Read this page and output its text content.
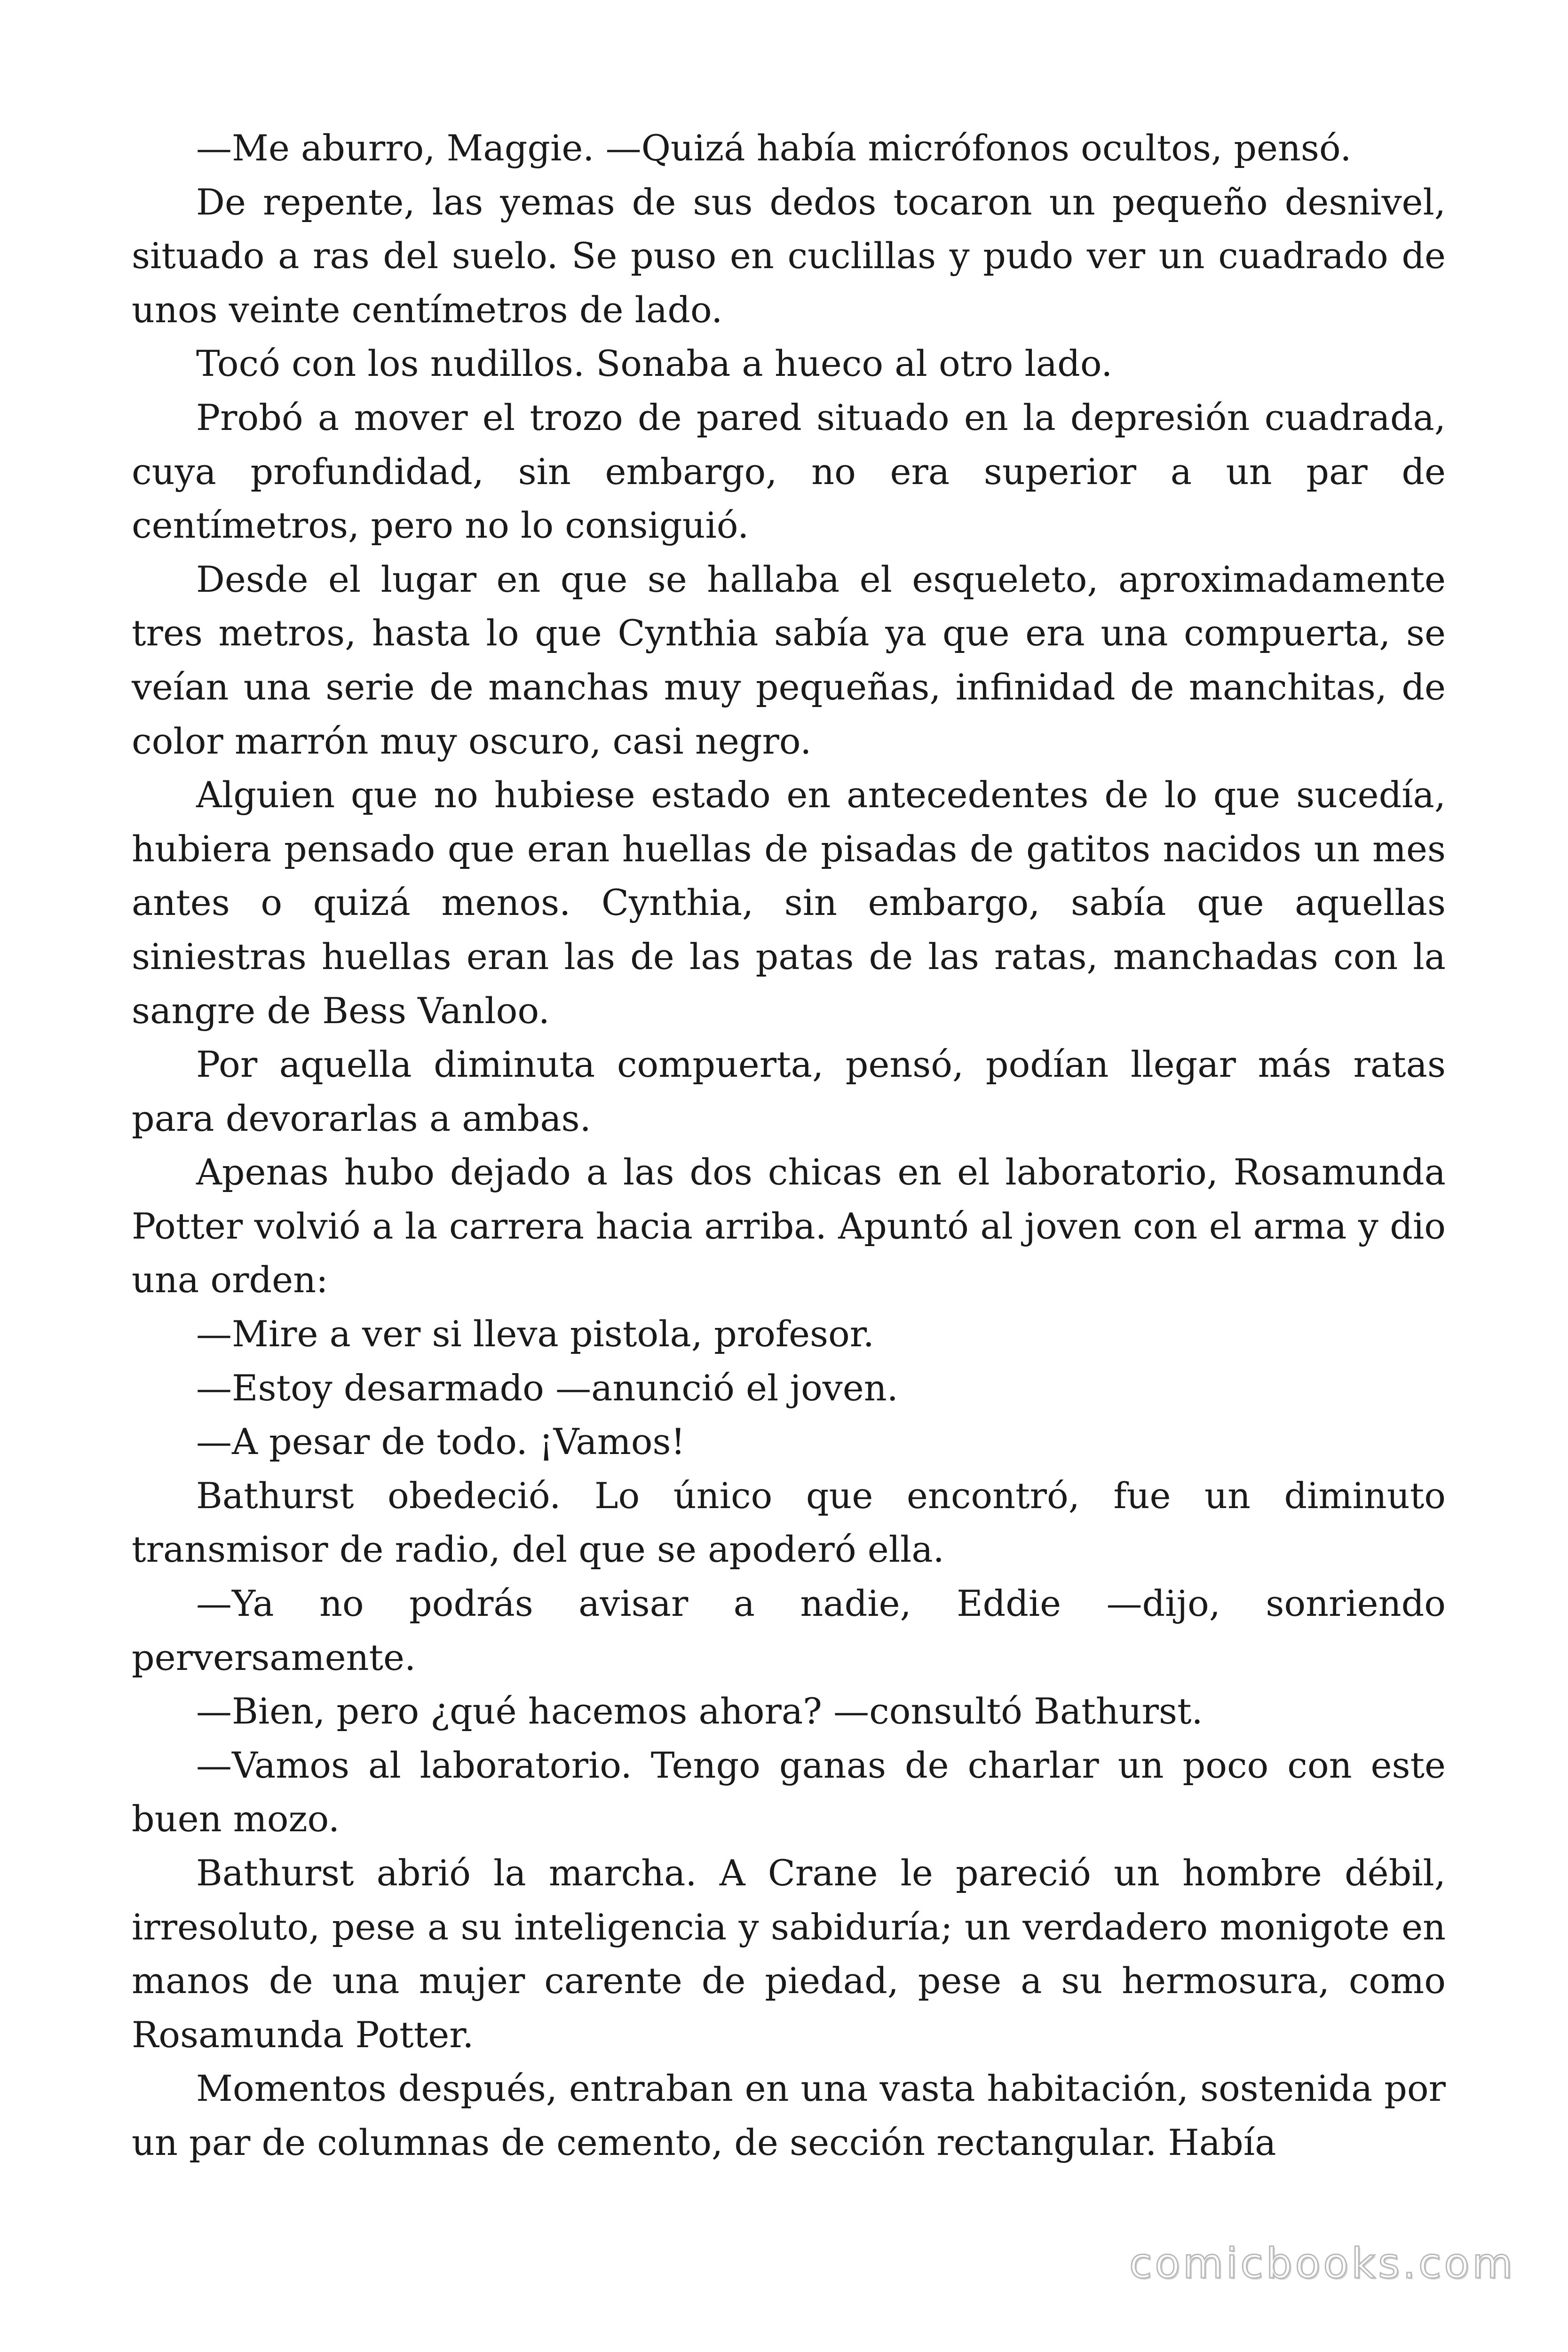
—Me aburro, Maggie. —Quizá había micrófonos ocultos, pensó.

De repente, las yemas de sus dedos tocaron un pequeño desnivel, situado a ras del suelo. Se puso en cuclillas y pudo ver un cuadrado de unos veinte centímetros de lado.

Tocó con los nudillos. Sonaba a hueco al otro lado.

Probó a mover el trozo de pared situado en la depresión cuadrada, cuya profundidad, sin embargo, no era superior a un par de centímetros, pero no lo consiguió.

Desde el lugar en que se hallaba el esqueleto, aproximadamente tres metros, hasta lo que Cynthia sabía ya que era una compuerta, se veían una serie de manchas muy pequeñas, infinidad de manchitas, de color marrón muy oscuro, casi negro.

Alguien que no hubiese estado en antecedentes de lo que sucedía, hubiera pensado que eran huellas de pisadas de gatitos nacidos un mes antes o quizá menos. Cynthia, sin embargo, sabía que aquellas siniestras huellas eran las de las patas de las ratas, manchadas con la sangre de Bess Vanloo.

Por aquella diminuta compuerta, pensó, podían llegar más ratas para devorarlas a ambas.

Apenas hubo dejado a las dos chicas en el laboratorio, Rosamunda Potter volvió a la carrera hacia arriba. Apuntó al joven con el arma y dio una orden:

—Mire a ver si lleva pistola, profesor.

—Estoy desarmado —anunció el joven.

—A pesar de todo. ¡Vamos!

Bathurst obedeció. Lo único que encontró, fue un diminuto transmisor de radio, del que se apoderó ella.

—Ya no podrás avisar a nadie, Eddie —dijo, sonriendo perversamente.

—Bien, pero ¿qué hacemos ahora? —consultó Bathurst.

—Vamos al laboratorio. Tengo ganas de charlar un poco con este buen mozo.

Bathurst abrió la marcha. A Crane le pareció un hombre débil, irresoluto, pese a su inteligencia y sabiduría; un verdadero monigote en manos de una mujer carente de piedad, pese a su hermosura, como Rosamunda Potter.

Momentos después, entraban en una vasta habitación, sostenida por un par de columnas de cemento, de sección rectangular. Había

comicbooks.com
